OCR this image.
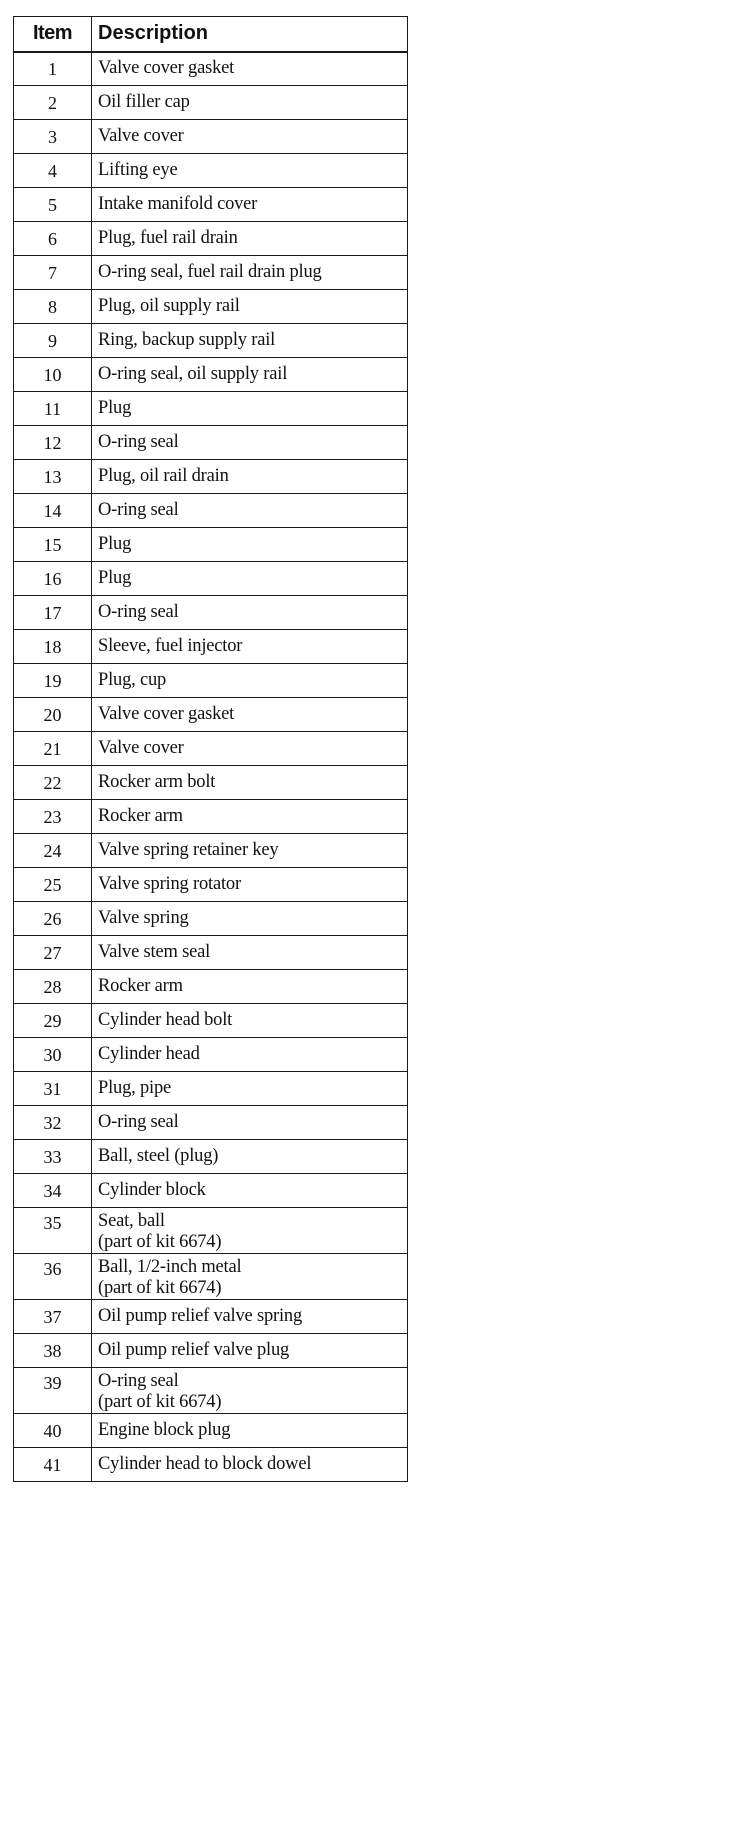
Item	Description
1	Valve cover gasket

2	Oil filler cap

3	Valve cover

4	Lifting eye

5	Intake manifold cover

6	Plug, fuel rail drain

7	O-ring seal, fuel rail drain plug

8	Plug, oil supply rail

9	Ring, backup supply rail

10	O-ring seal, oil supply rail

11	Plug

12	O-ring seal

13	Plug, oil rail drain

14	O-ring seal

15	Plug

16	Plug

17	O-ring seal

18	Sleeve, fuel injector

19	Plug, cup

20	Valve cover gasket

21	Valve cover

22	Rocker arm bolt

23	Rocker arm

24	Valve spring retainer key

25	Valve spring rotator

26	Valve spring

27	Valve stem seal

28	Rocker arm

29	Cylinder head bolt

30	Cylinder head

31	Plug, pipe

32	O-ring seal

33	Ball, steel (plug)

34	Cylinder block

35	Seat, ball
(part of kit 6674)

36	Ball, 1/2-inch metal
(part of kit 6674)

37	Oil pump relief valve spring

38	Oil pump relief valve plug

39	O-ring seal
(part of kit 6674)

40	Engine block plug

41	Cylinder head to block dowel
